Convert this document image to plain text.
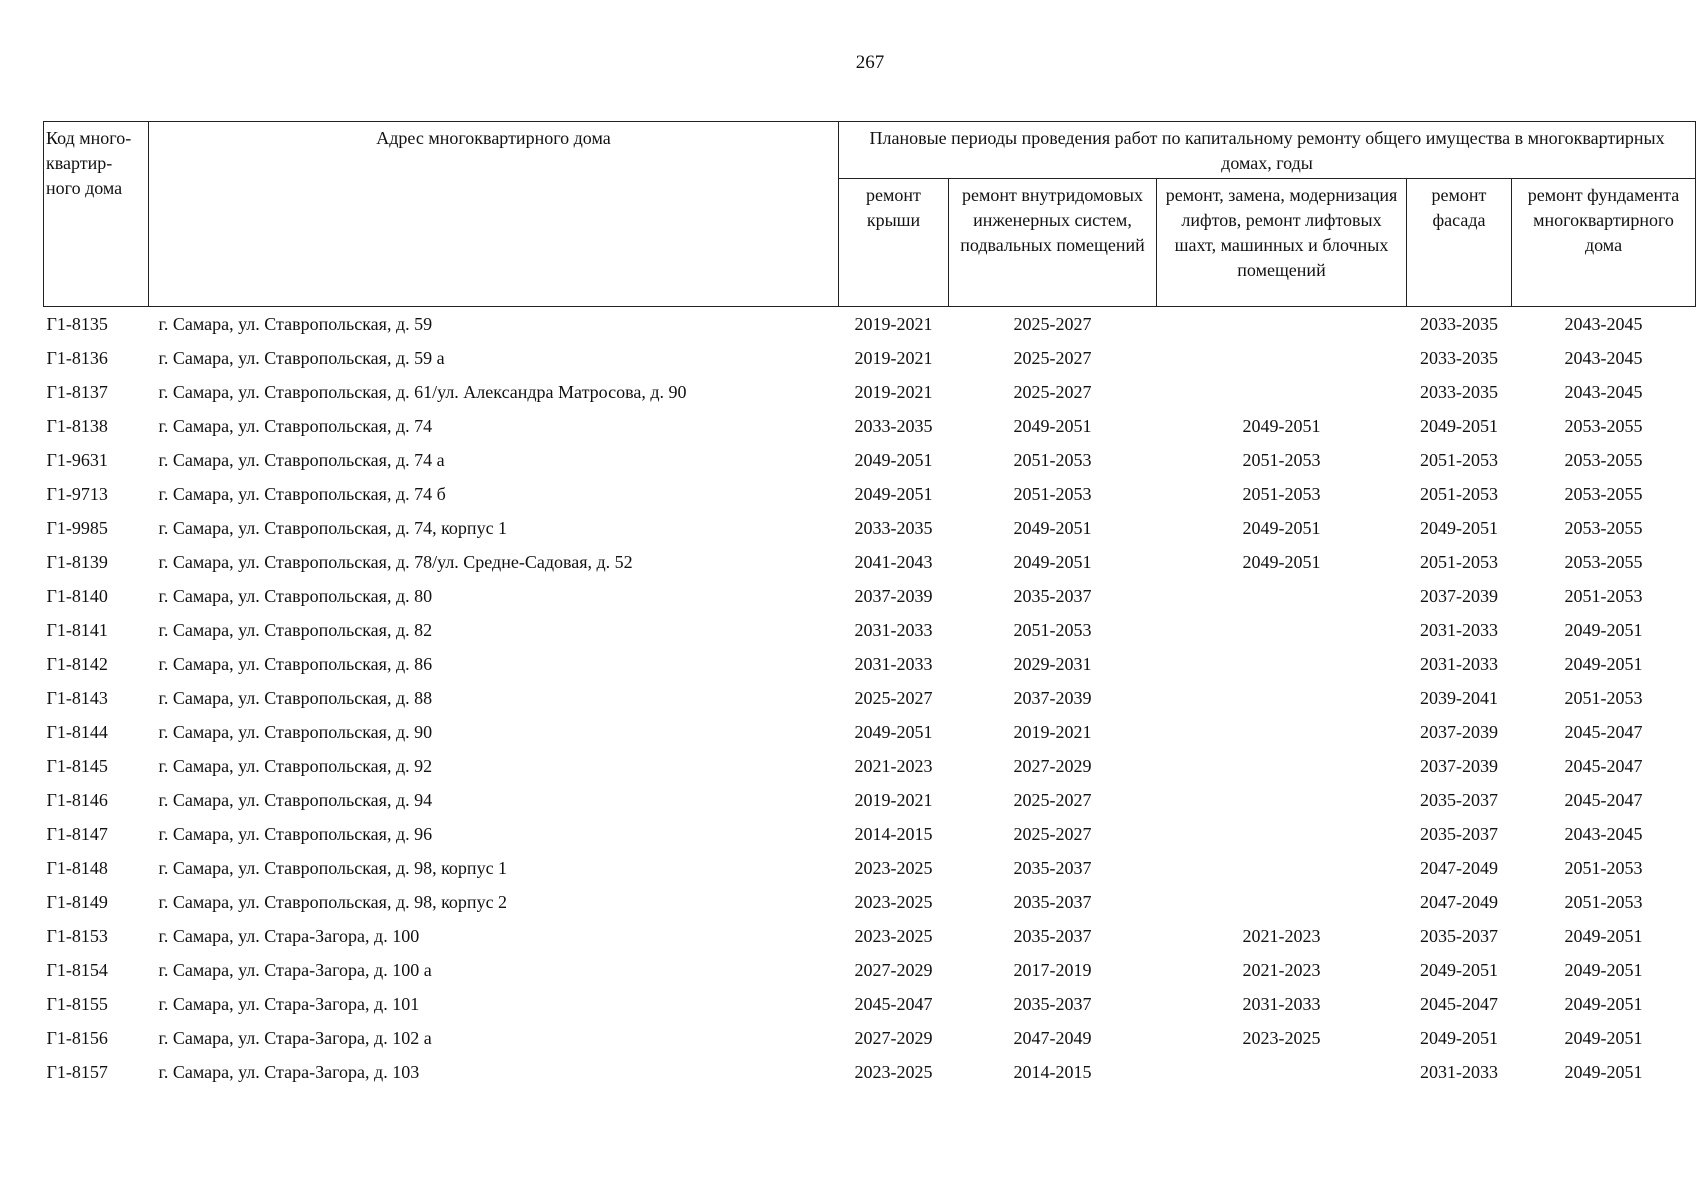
267
Код много-квартир-ного дома	Адрес многоквартирного дома	Плановые периоды проведения работ по капитальному ремонту общего имущества в многоквартирных домах, годы				
		ремонт крыши	ремонт внутридомовых инженерных систем, подвальных помещений	ремонт, замена, модернизация лифтов, ремонт лифтовых шахт, машинных и блочных помещений	ремонт фасада	ремонт фундамента многоквартирного дома
Г1-8135	г. Самара, ул. Ставропольская, д. 59	2019-2021	2025-2027		2033-2035	2043-2045
Г1-8136	г. Самара, ул. Ставропольская, д. 59 а	2019-2021	2025-2027		2033-2035	2043-2045
Г1-8137	г. Самара, ул. Ставропольская, д. 61/ул. Александра Матросова, д. 90	2019-2021	2025-2027		2033-2035	2043-2045
Г1-8138	г. Самара, ул. Ставропольская, д. 74	2033-2035	2049-2051	2049-2051	2049-2051	2053-2055
Г1-9631	г. Самара, ул. Ставропольская, д. 74 а	2049-2051	2051-2053	2051-2053	2051-2053	2053-2055
Г1-9713	г. Самара, ул. Ставропольская, д. 74 б	2049-2051	2051-2053	2051-2053	2051-2053	2053-2055
Г1-9985	г. Самара, ул. Ставропольская, д. 74, корпус 1	2033-2035	2049-2051	2049-2051	2049-2051	2053-2055
Г1-8139	г. Самара, ул. Ставропольская, д. 78/ул. Средне-Садовая, д. 52	2041-2043	2049-2051	2049-2051	2051-2053	2053-2055
Г1-8140	г. Самара, ул. Ставропольская, д. 80	2037-2039	2035-2037		2037-2039	2051-2053
Г1-8141	г. Самара, ул. Ставропольская, д. 82	2031-2033	2051-2053		2031-2033	2049-2051
Г1-8142	г. Самара, ул. Ставропольская, д. 86	2031-2033	2029-2031		2031-2033	2049-2051
Г1-8143	г. Самара, ул. Ставропольская, д. 88	2025-2027	2037-2039		2039-2041	2051-2053
Г1-8144	г. Самара, ул. Ставропольская, д. 90	2049-2051	2019-2021		2037-2039	2045-2047
Г1-8145	г. Самара, ул. Ставропольская, д. 92	2021-2023	2027-2029		2037-2039	2045-2047
Г1-8146	г. Самара, ул. Ставропольская, д. 94	2019-2021	2025-2027		2035-2037	2045-2047
Г1-8147	г. Самара, ул. Ставропольская, д. 96	2014-2015	2025-2027		2035-2037	2043-2045
Г1-8148	г. Самара, ул. Ставропольская, д. 98, корпус 1	2023-2025	2035-2037		2047-2049	2051-2053
Г1-8149	г. Самара, ул. Ставропольская, д. 98, корпус 2	2023-2025	2035-2037		2047-2049	2051-2053
Г1-8153	г. Самара, ул. Стара-Загора, д. 100	2023-2025	2035-2037	2021-2023	2035-2037	2049-2051
Г1-8154	г. Самара, ул. Стара-Загора, д. 100 а	2027-2029	2017-2019	2021-2023	2049-2051	2049-2051
Г1-8155	г. Самара, ул. Стара-Загора, д. 101	2045-2047	2035-2037	2031-2033	2045-2047	2049-2051
Г1-8156	г. Самара, ул. Стара-Загора, д. 102 а	2027-2029	2047-2049	2023-2025	2049-2051	2049-2051
Г1-8157	г. Самара, ул. Стара-Загора, д. 103	2023-2025	2014-2015		2031-2033	2049-2051
